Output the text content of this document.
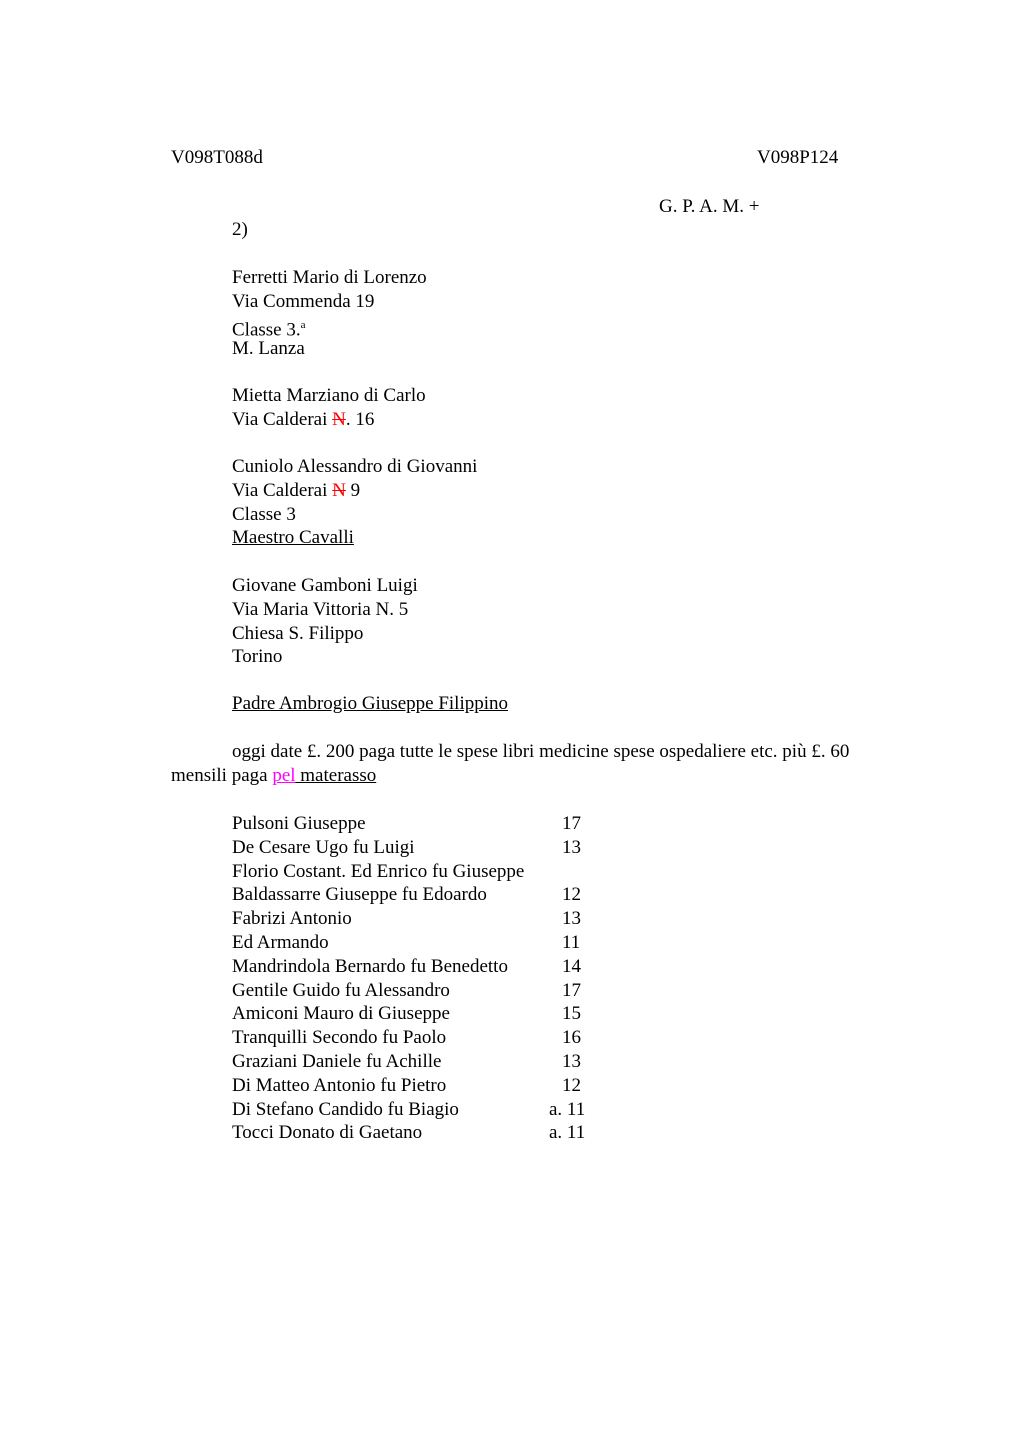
V098T088d	V098P124
G. P. A. M. +
2)
Ferretti Mario di Lorenzo
Via Commenda 19
Classe 3.$^a$
M. Lanza
Mietta Marziano di Carlo
Via Calderai N. 16
Cuniolo Alessandro di Giovanni
Via Calderai N 9
Classe 3
Maestro Cavalli
Giovane Gamboni Luigi
Via Maria Vittoria N. 5
Chiesa S. Filippo
Torino
Padre Ambrogio Giuseppe Filippino
oggi date £. 200 paga tutte le spese libri medicine spese ospedaliere etc. più £. 60
mensili paga pel materasso
Pulsoni Giuseppe	17
De Cesare Ugo fu Luigi	13
Florio Costant. Ed Enrico fu Giuseppe
Baldassarre Giuseppe fu Edoardo	12
Fabrizi Antonio	13
Ed Armando	11
Mandrindola Bernardo fu Benedetto	14
Gentile Guido fu Alessandro	17
Amiconi Mauro di Giuseppe	15
Tranquilli Secondo fu Paolo	16
Graziani Daniele fu Achille	13
Di Matteo Antonio fu Pietro	12
Di Stefano Candido fu Biagio	a. 11
Tocci Donato di Gaetano	a. 11
